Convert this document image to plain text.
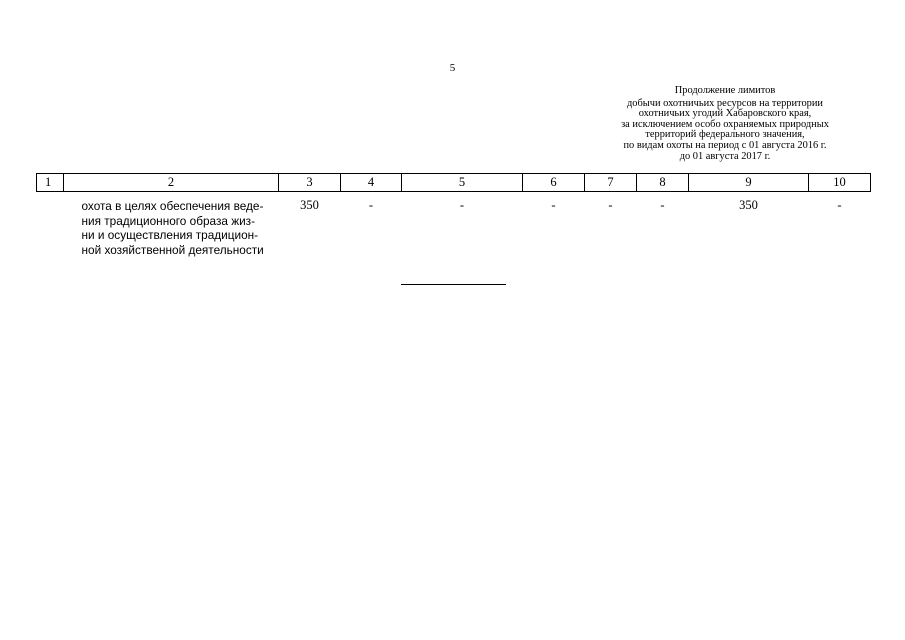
5
Продолжение лимитов
добычи охотничьих ресурсов на территории
охотничьих угодий Хабаровского края,
за исключением особо охраняемых природных
территорий федерального значения,
по видам охоты на период с 01 августа 2016 г.
до 01 августа 2017 г.
1	2	3	4	5	6	7	8	9	10

	охота в целях обеспечения веде-
ния традиционного образа жиз-
ни и осуществления традицион-
ной хозяйственной деятельности	350	-	-	-	-	-	350	-
